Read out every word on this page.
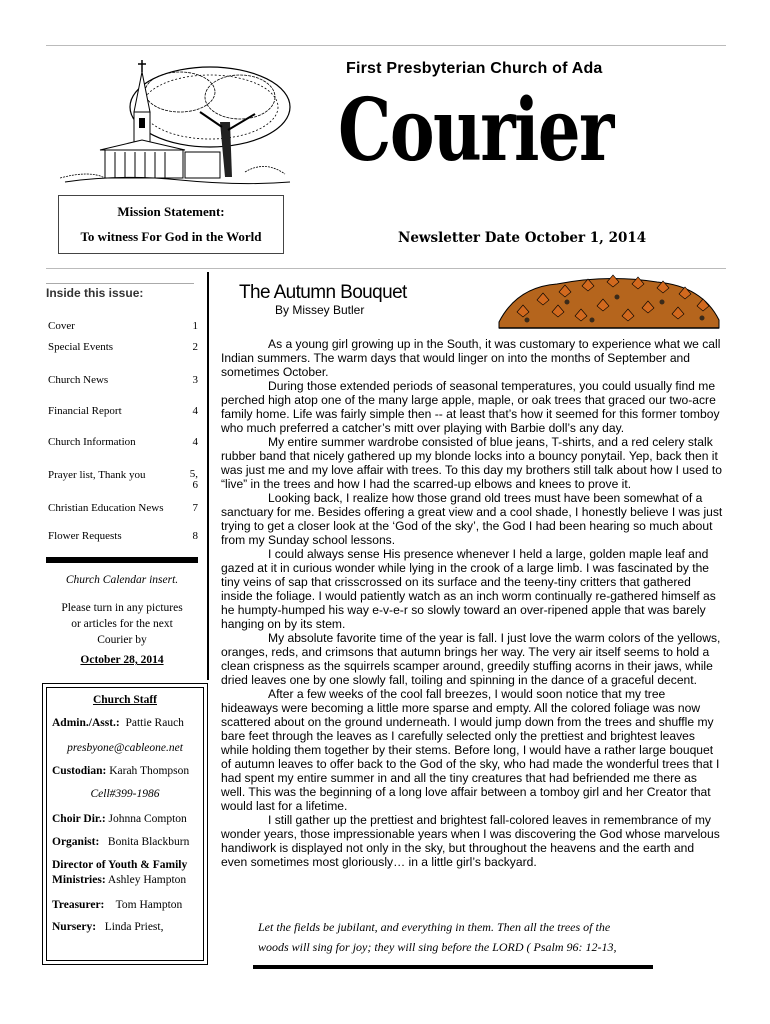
First Presbyterian Church of Ada
Courier
Newsletter Date October 1, 2014
Mission Statement:
To witness For God in the World
Inside this issue:
Cover	1
Special Events	2
Church News	3
Financial Report	4
Church Information	4
Prayer list, Thank you	5,
6
Christian Education News	7
Flower Requests	8
Church Calendar insert.
Please turn in any pictures
or articles for the next
Courier by
October 28, 2014
Church Staff
Admin./Asst.: Pattie Rauch
presbyone@cableone.net
Custodian: Karah Thompson
Cell#399-1986
Choir Dir.: Johnna Compton
Organist: Bonita Blackburn
Director of Youth & Family
Ministries: Ashley Hampton
Treasurer: Tom Hampton
Nursery: Linda Priest,
The Autumn Bouquet
By Missey Butler

As a young girl growing up in the South, it was customary to experience what we call Indian summers. The warm days that would linger on into the months of September and sometimes October.

During those extended periods of seasonal temperatures, you could usually find me perched high atop one of the many large apple, maple, or oak trees that graced our two-acre family home. Life was fairly simple then -- at least that’s how it seemed for this former tomboy who much preferred a catcher’s mitt over playing with Barbie doll’s any day.

My entire summer wardrobe consisted of blue jeans, T-shirts, and a red celery stalk rubber band that nicely gathered up my blonde locks into a bouncy ponytail. Yep, back then it was just me and my love affair with trees. To this day my brothers still talk about how I used to “live” in the trees and how I had the scarred-up elbows and knees to prove it.

Looking back, I realize how those grand old trees must have been somewhat of a sanctuary for me. Besides offering a great view and a cool shade, I honestly believe I was just trying to get a closer look at the ‘God of the sky’, the God I had been hearing so much about from my Sunday school lessons.

I could always sense His presence whenever I held a large, golden maple leaf and gazed at it in curious wonder while lying in the crook of a large limb. I was fascinated by the tiny veins of sap that crisscrossed on its surface and the teeny-tiny critters that gathered inside the foliage. I would patiently watch as an inch worm continually re-gathered himself as he humpty-humped his way e-v-e-r so slowly toward an over-ripened apple that was barely hanging on by its stem.

My absolute favorite time of the year is fall. I just love the warm colors of the yellows, oranges, reds, and crimsons that autumn brings her way. The very air itself seems to hold a clean crispness as the squirrels scamper around, greedily stuffing acorns in their jaws, while dried leaves one by one slowly fall, toiling and spinning in the dance of a graceful decent.

After a few weeks of the cool fall breezes, I would soon notice that my tree hideaways were becoming a little more sparse and empty. All the colored foliage was now scattered about on the ground underneath. I would jump down from the trees and shuffle my bare feet through the leaves as I carefully selected only the prettiest and brightest leaves while holding them together by their stems. Before long, I would have a rather large bouquet of autumn leaves to offer back to the God of the sky, who had made the wonderful trees that I had spent my entire summer in and all the tiny creatures that had befriended me there as well. This was the beginning of a long love affair between a tomboy girl and her Creator that would last for a lifetime.

I still gather up the prettiest and brightest fall-colored leaves in remembrance of my wonder years, those impressionable years when I was discovering the God whose marvelous handiwork is displayed not only in the sky, but throughout the heavens and the earth and even sometimes most gloriously… in a little girl’s backyard.

Let the fields be jubilant, and everything in them. Then all the trees of the
woods will sing for joy; they will sing before the LORD ( Psalm 96: 12-13,
